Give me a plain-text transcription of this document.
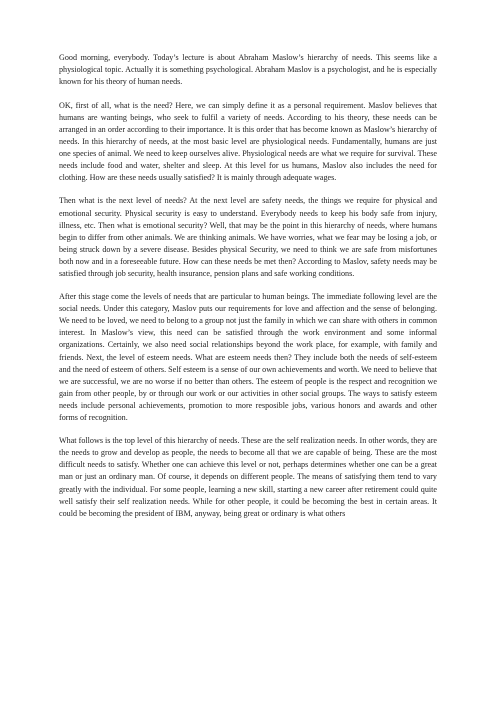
Good morning, everybody. Today’s lecture is about Abraham Maslow’s hierarchy of needs. This seems like a physiological topic. Actually it is something psychological. Abraham Maslov is a psychologist, and he is especially known for his theory of human needs.

OK, first of all, what is the need? Here, we can simply define it as a personal requirement. Maslov believes that humans are wanting beings, who seek to fulfil a variety of needs. According to his theory, these needs can be arranged in an order according to their importance. It is this order that has become known as Maslow’s hierarchy of needs. In this hierarchy of needs, at the most basic level are physiological needs. Fundamentally, humans are just one species of animal. We need to keep ourselves alive. Physiological needs are what we require for survival. These needs include food and water, shelter and sleep. At this level for us humans, Maslov also includes the need for clothing. How are these needs usually satisfied? It is mainly through adequate wages.

Then what is the next level of needs? At the next level are safety needs, the things we require for physical and emotional security. Physical security is easy to understand. Everybody needs to keep his body safe from injury, illness, etc. Then what is emotional security? Well, that may be the point in this hierarchy of needs, where humans begin to differ from other animals. We are thinking animals. We have worries, what we fear may be losing a job, or being struck down by a severe disease. Besides physical Security, we need to think we are safe from misfortunes both now and in a foreseeable future. How can these needs be met then? According to Maslov, safety needs may be satisfied through job security, health insurance, pension plans and safe working conditions.

After this stage come the levels of needs that are particular to human beings. The immediate following level are the social needs. Under this category, Maslov puts our requirements for love and affection and the sense of belonging. We need to be loved, we need to belong to a group not just the family in which we can share with others in common interest. In Maslow’s view, this need can be satisfied through the work environment and some informal organizations. Certainly, we also need social relationships beyond the work place, for example, with family and friends. Next, the level of esteem needs. What are esteem needs then? They include both the needs of self-esteem and the need of esteem of others. Self esteem is a sense of our own achievements and worth. We need to believe that we are successful, we are no worse if no better than others. The esteem of people is the respect and recognition we gain from other people, by or through our work or our activities in other social groups. The ways to satisfy esteem needs include personal achievements, promotion to more resposible jobs, various honors and awards and other forms of recognition.

What follows is the top level of this hierarchy of needs. These are the self realization needs. In other words, they are the needs to grow and develop as people, the needs to become all that we are capable of being. These are the most difficult needs to satisfy. Whether one can achieve this level or not, perhaps determines whether one can be a great man or just an ordinary man. Of course, it depends on different people. The means of satisfying them tend to vary greatly with the individual. For some people, learning a new skill, starting a new career after retirement could quite well satisfy their self realization needs. While for other people, it could be becoming the best in certain areas. It could be becoming the president of IBM, anyway, being great or ordinary is what others
